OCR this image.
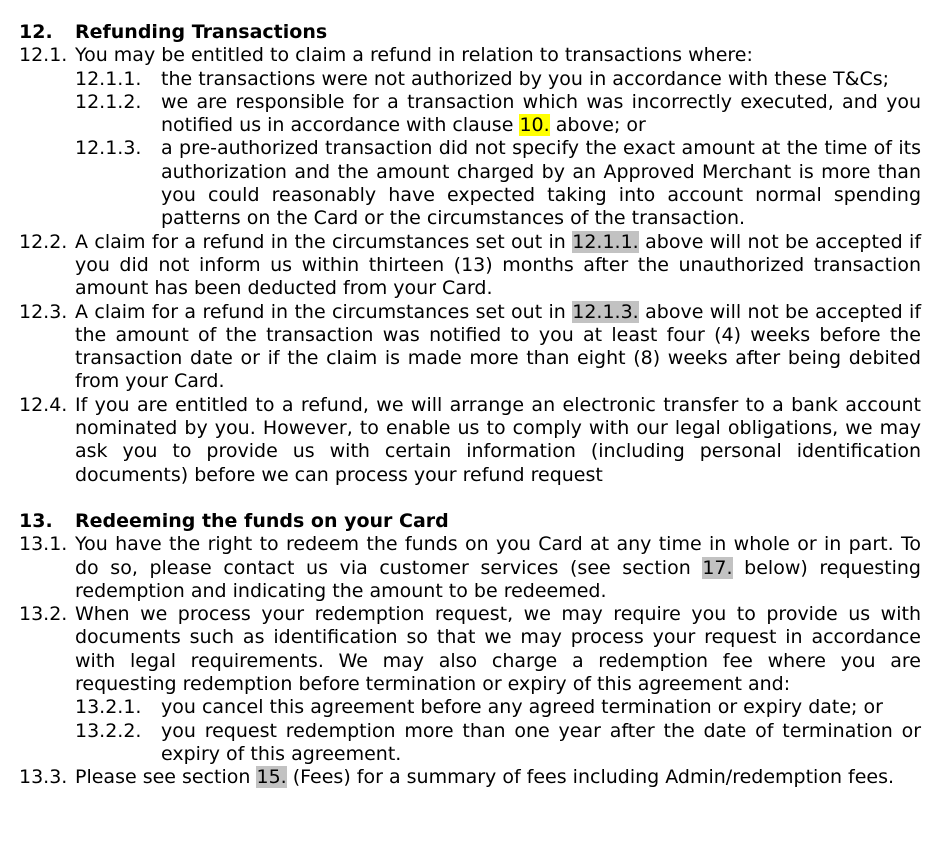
12.	Refunding Transactions
12.1. You may be entitled to claim a refund in relation to transactions where:
12.1.1.	the transactions were not authorized by you in accordance with these T&Cs;
12.1.2.	we are responsible for a transaction which was incorrectly executed, and you notified us in accordance with clause 10. above; or
12.1.3.	a pre-authorized transaction did not specify the exact amount at the time of its authorization and the amount charged by an Approved Merchant is more than you could reasonably have expected taking into account normal spending patterns on the Card or the circumstances of the transaction.
12.2. A claim for a refund in the circumstances set out in 12.1.1. above will not be accepted if you did not inform us within thirteen (13) months after the unauthorized transaction amount has been deducted from your Card.
12.3. A claim for a refund in the circumstances set out in 12.1.3. above will not be accepted if the amount of the transaction was notified to you at least four (4) weeks before the transaction date or if the claim is made more than eight (8) weeks after being debited from your Card.
12.4. If you are entitled to a refund, we will arrange an electronic transfer to a bank account nominated by you. However, to enable us to comply with our legal obligations, we may ask you to provide us with certain information (including personal identification documents) before we can process your refund request
13.	Redeeming the funds on your Card
13.1. You have the right to redeem the funds on you Card at any time in whole or in part. To do so, please contact us via customer services (see section 17. below) requesting redemption and indicating the amount to be redeemed.
13.2. When we process your redemption request, we may require you to provide us with documents such as identification so that we may process your request in accordance with legal requirements. We may also charge a redemption fee where you are requesting redemption before termination or expiry of this agreement and:
13.2.1.	you cancel this agreement before any agreed termination or expiry date; or
13.2.2.	you request redemption more than one year after the date of termination or expiry of this agreement.
13.3. Please see section 15. (Fees) for a summary of fees including Admin/redemption fees.
